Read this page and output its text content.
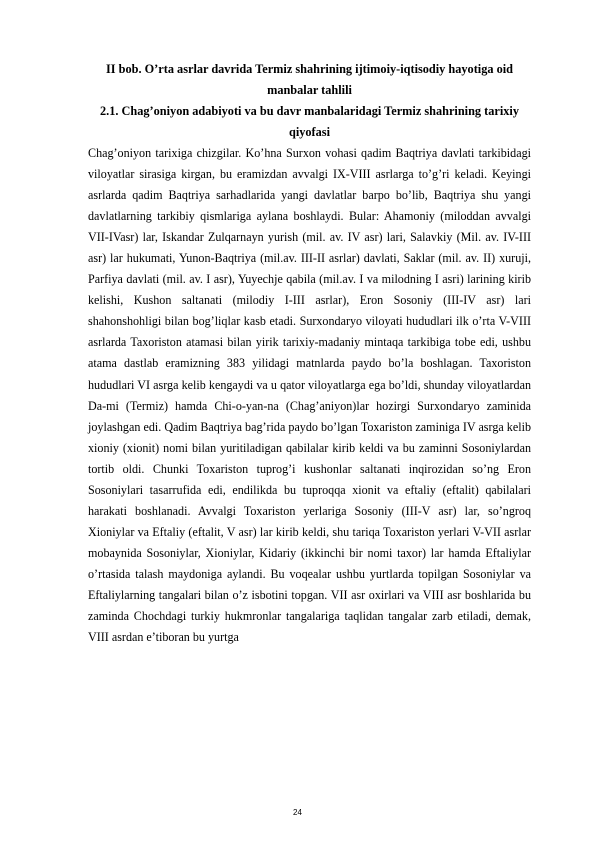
II bob. O’rta asrlar davrida Termiz shahrining ijtimoiy-iqtisodiy hayotiga oid manbalar tahlili

2.1. Chag’oniyon adabiyoti va bu davr manbalaridagi Termiz shahrining tarixiy qiyofasi

Chag’oniyon tarixiga chizgilar. Ko’hna Surxon vohasi qadim Baqtriya davlati tarkibidagi viloyatlar sirasiga kirgan, bu eramizdan avvalgi IX-VIII asrlarga to’g’ri keladi. Keyingi asrlarda qadim Baqtriya sarhadlarida yangi davlatlar barpo bo’lib, Baqtriya shu yangi davlatlarning tarkibiy qismlariga aylana boshlaydi. Bular: Ahamoniy (miloddan avvalgi VII-IVasr) lar, Iskandar Zulqarnayn yurish (mil. av. IV asr) lari, Salavkiy (Mil. av. IV-III asr) lar hukumati, Yunon-Baqtriya (mil.av. III-II asrlar) davlati, Saklar (mil. av. II) xuruji, Parfiya davlati (mil. av. I asr), Yuyechje qabila (mil.av. I va milodning I asri) larining kirib kelishi, Kushon saltanati (milodiy I-III asrlar), Eron Sosoniy (III-IV asr) lari shahonshohligi bilan bog’liqlar kasb etadi. Surxondaryo viloyati hududlari ilk o’rta V-VIII asrlarda Taxoriston atamasi bilan yirik tarixiy-madaniy mintaqa tarkibiga tobe edi, ushbu atama dastlab eramizning 383 yilidagi matnlarda paydo bo’la boshlagan. Taxoriston hududlari VI asrga kelib kengaydi va u qator viloyatlarga ega bo’ldi, shunday viloyatlardan Da-mi (Termiz) hamda Chi-o-yan-na (Chag’aniyon)lar hozirgi Surxondaryo zaminida joylashgan edi. Qadim Baqtriya bag’rida paydo bo’lgan Toxariston zaminiga IV asrga kelib xioniy (xionit) nomi bilan yuritiladigan qabilalar kirib keldi va bu zaminni Sosoniylardan tortib oldi. Chunki Toxariston tuprog’i kushonlar saltanati inqirozidan so’ng Eron Sosoniylari tasarrufida edi, endilikda bu tuproqqa xionit va eftaliy (eftalit) qabilalari harakati boshlanadi. Avvalgi Toxariston yerlariga Sosoniy (III-V asr) lar, so’ngroq Xioniylar va Eftaliy (eftalit, V asr) lar kirib keldi, shu tariqa Toxariston yerlari V-VII asrlar mobaynida Sosoniylar, Xioniylar, Kidariy (ikkinchi bir nomi taxor) lar hamda Eftaliylar o’rtasida talash maydoniga aylandi. Bu voqealar ushbu yurtlarda topilgan Sosoniylar va Eftaliylarning tangalari bilan o’z isbotini topgan. VII asr oxirlari va VIII asr boshlarida bu zaminda Chochdagi turkiy hukmronlar tangalariga taqlidan tangalar zarb etiladi, demak, VIII asrdan e’tiboran bu yurtga

24
